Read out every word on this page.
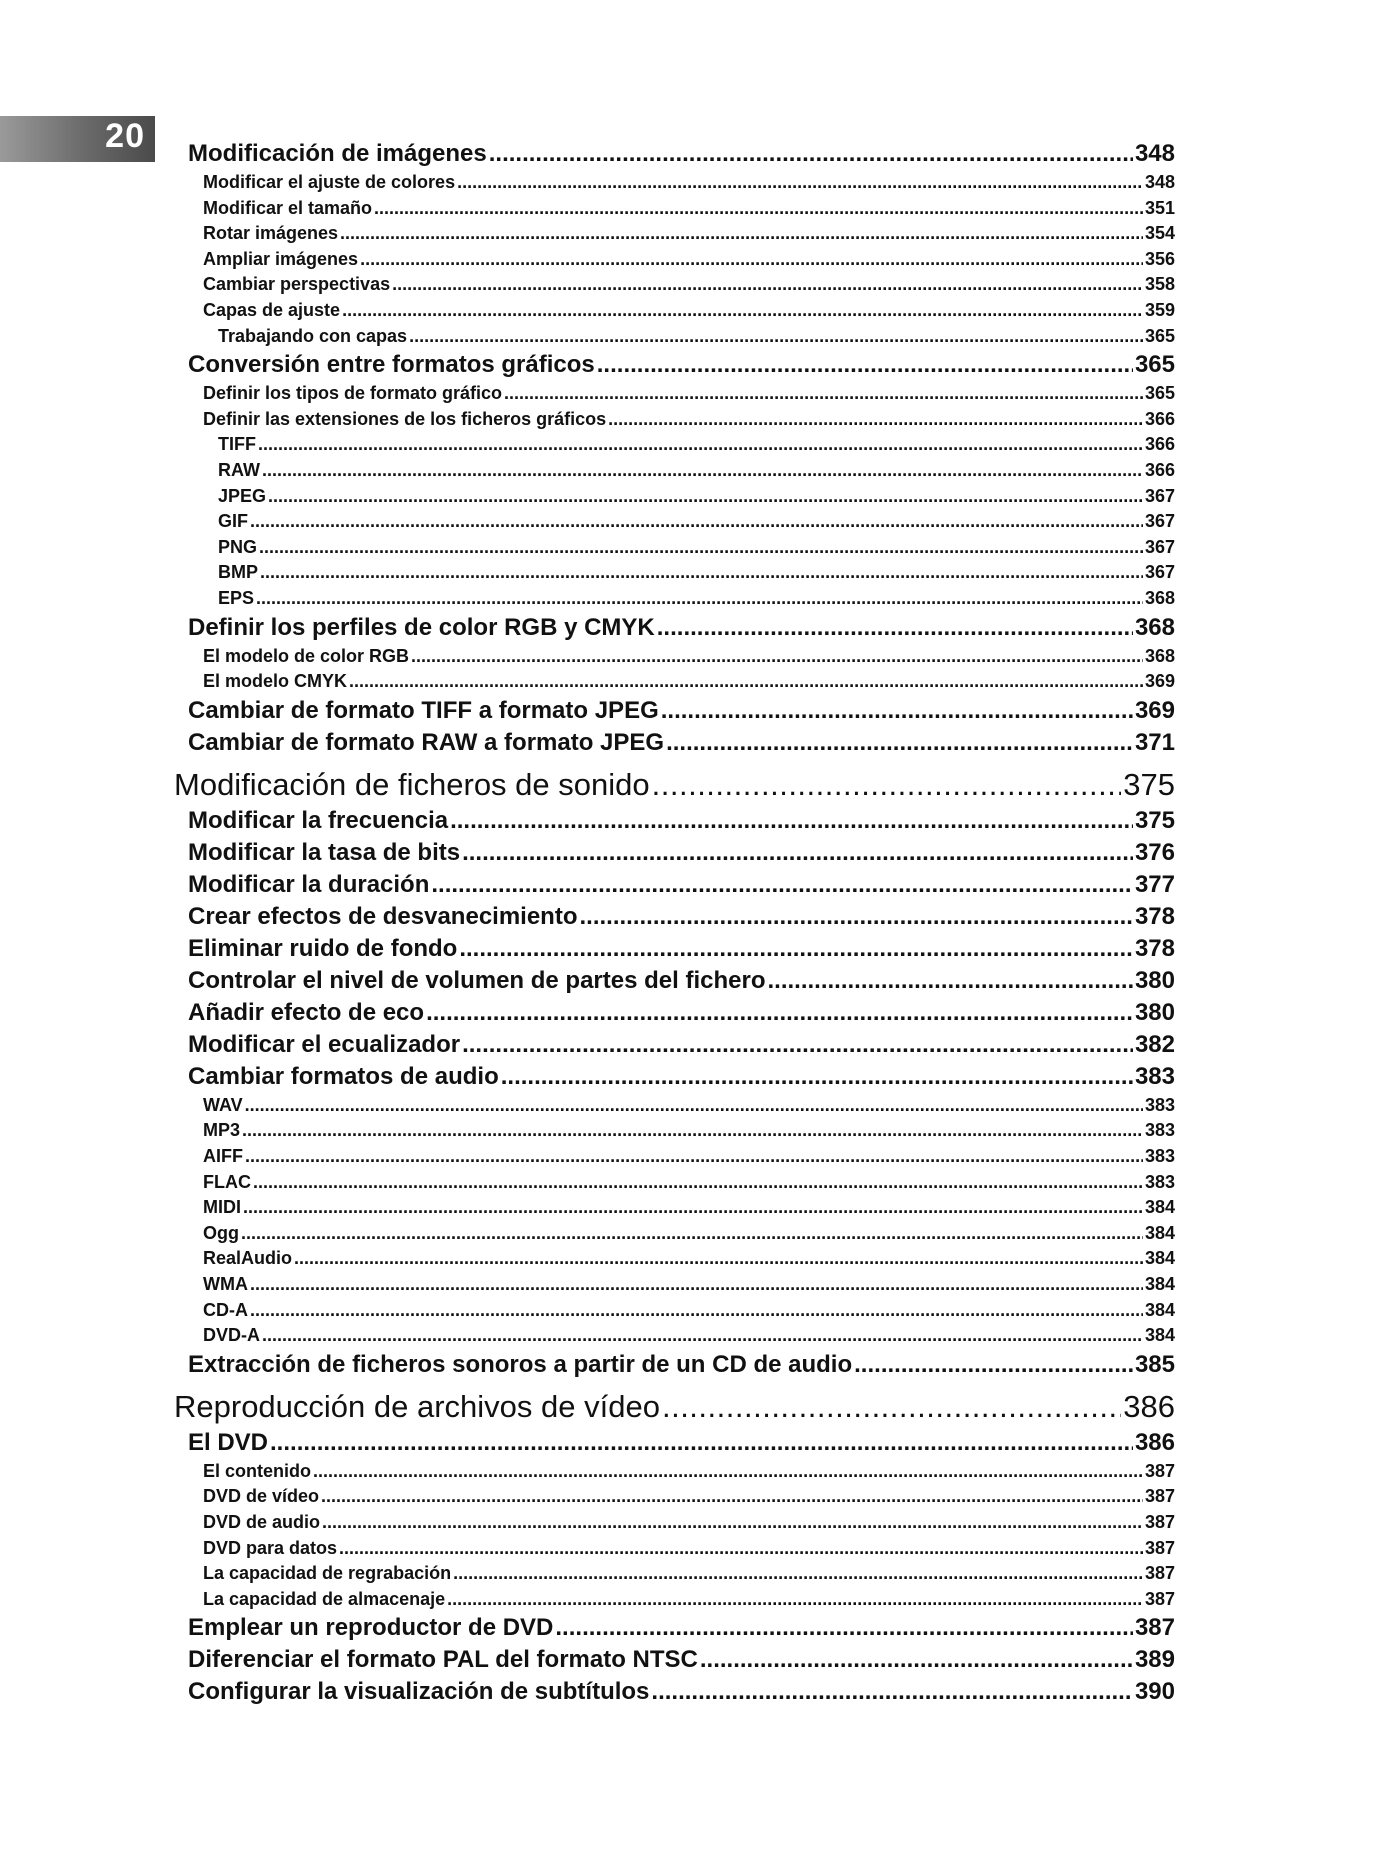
20 Modificación de imágenes .....	348
Modificar el ajuste de colores .....	348
Modificar el tamaño .....	351
Rotar imágenes .....	354
Ampliar imágenes .....	356
Cambiar perspectivas .....	358
Capas de ajuste .....	359
Trabajando con capas .....	365
Conversión entre formatos gráficos .....	365
Definir los tipos de formato gráfico .....	365
Definir las extensiones de los ficheros gráficos .....	366
TIFF .....	366
RAW .....	366
JPEG .....	367
GIF .....	367
PNG .....	367
BMP .....	367
EPS .....	368
Definir los perfiles de color RGB y CMYK .....	368
El modelo de color RGB .....	368
El modelo CMYK .....	369
Cambiar de formato TIFF a formato JPEG .....	369
Cambiar de formato RAW a formato JPEG .....	371
Modificación de ficheros de sonido .....	375
Modificar la frecuencia .....	375
Modificar la tasa de bits .....	376
Modificar la duración .....	377
Crear efectos de desvanecimiento .....	378
Eliminar ruido de fondo .....	378
Controlar el nivel de volumen de partes del fichero .....	380
Añadir efecto de eco .....	380
Modificar el ecualizador .....	382
Cambiar formatos de audio .....	383
WAV .....	383
MP3 .....	383
AIFF .....	383
FLAC .....	383
MIDI .....	384
Ogg .....	384
RealAudio .....	384
WMA .....	384
CD-A .....	384
DVD-A .....	384
Extracción de ficheros sonoros a partir de un CD de audio .....	385
Reproducción de archivos de vídeo .....	386
El DVD .....	386
El contenido .....	387
DVD de vídeo .....	387
DVD de audio .....	387
DVD para datos .....	387
La capacidad de regrabación .....	387
La capacidad de almacenaje .....	387
Emplear un reproductor de DVD .....	387
Diferenciar el formato PAL del formato NTSC .....	389
Configurar la visualización de subtítulos .....	390
